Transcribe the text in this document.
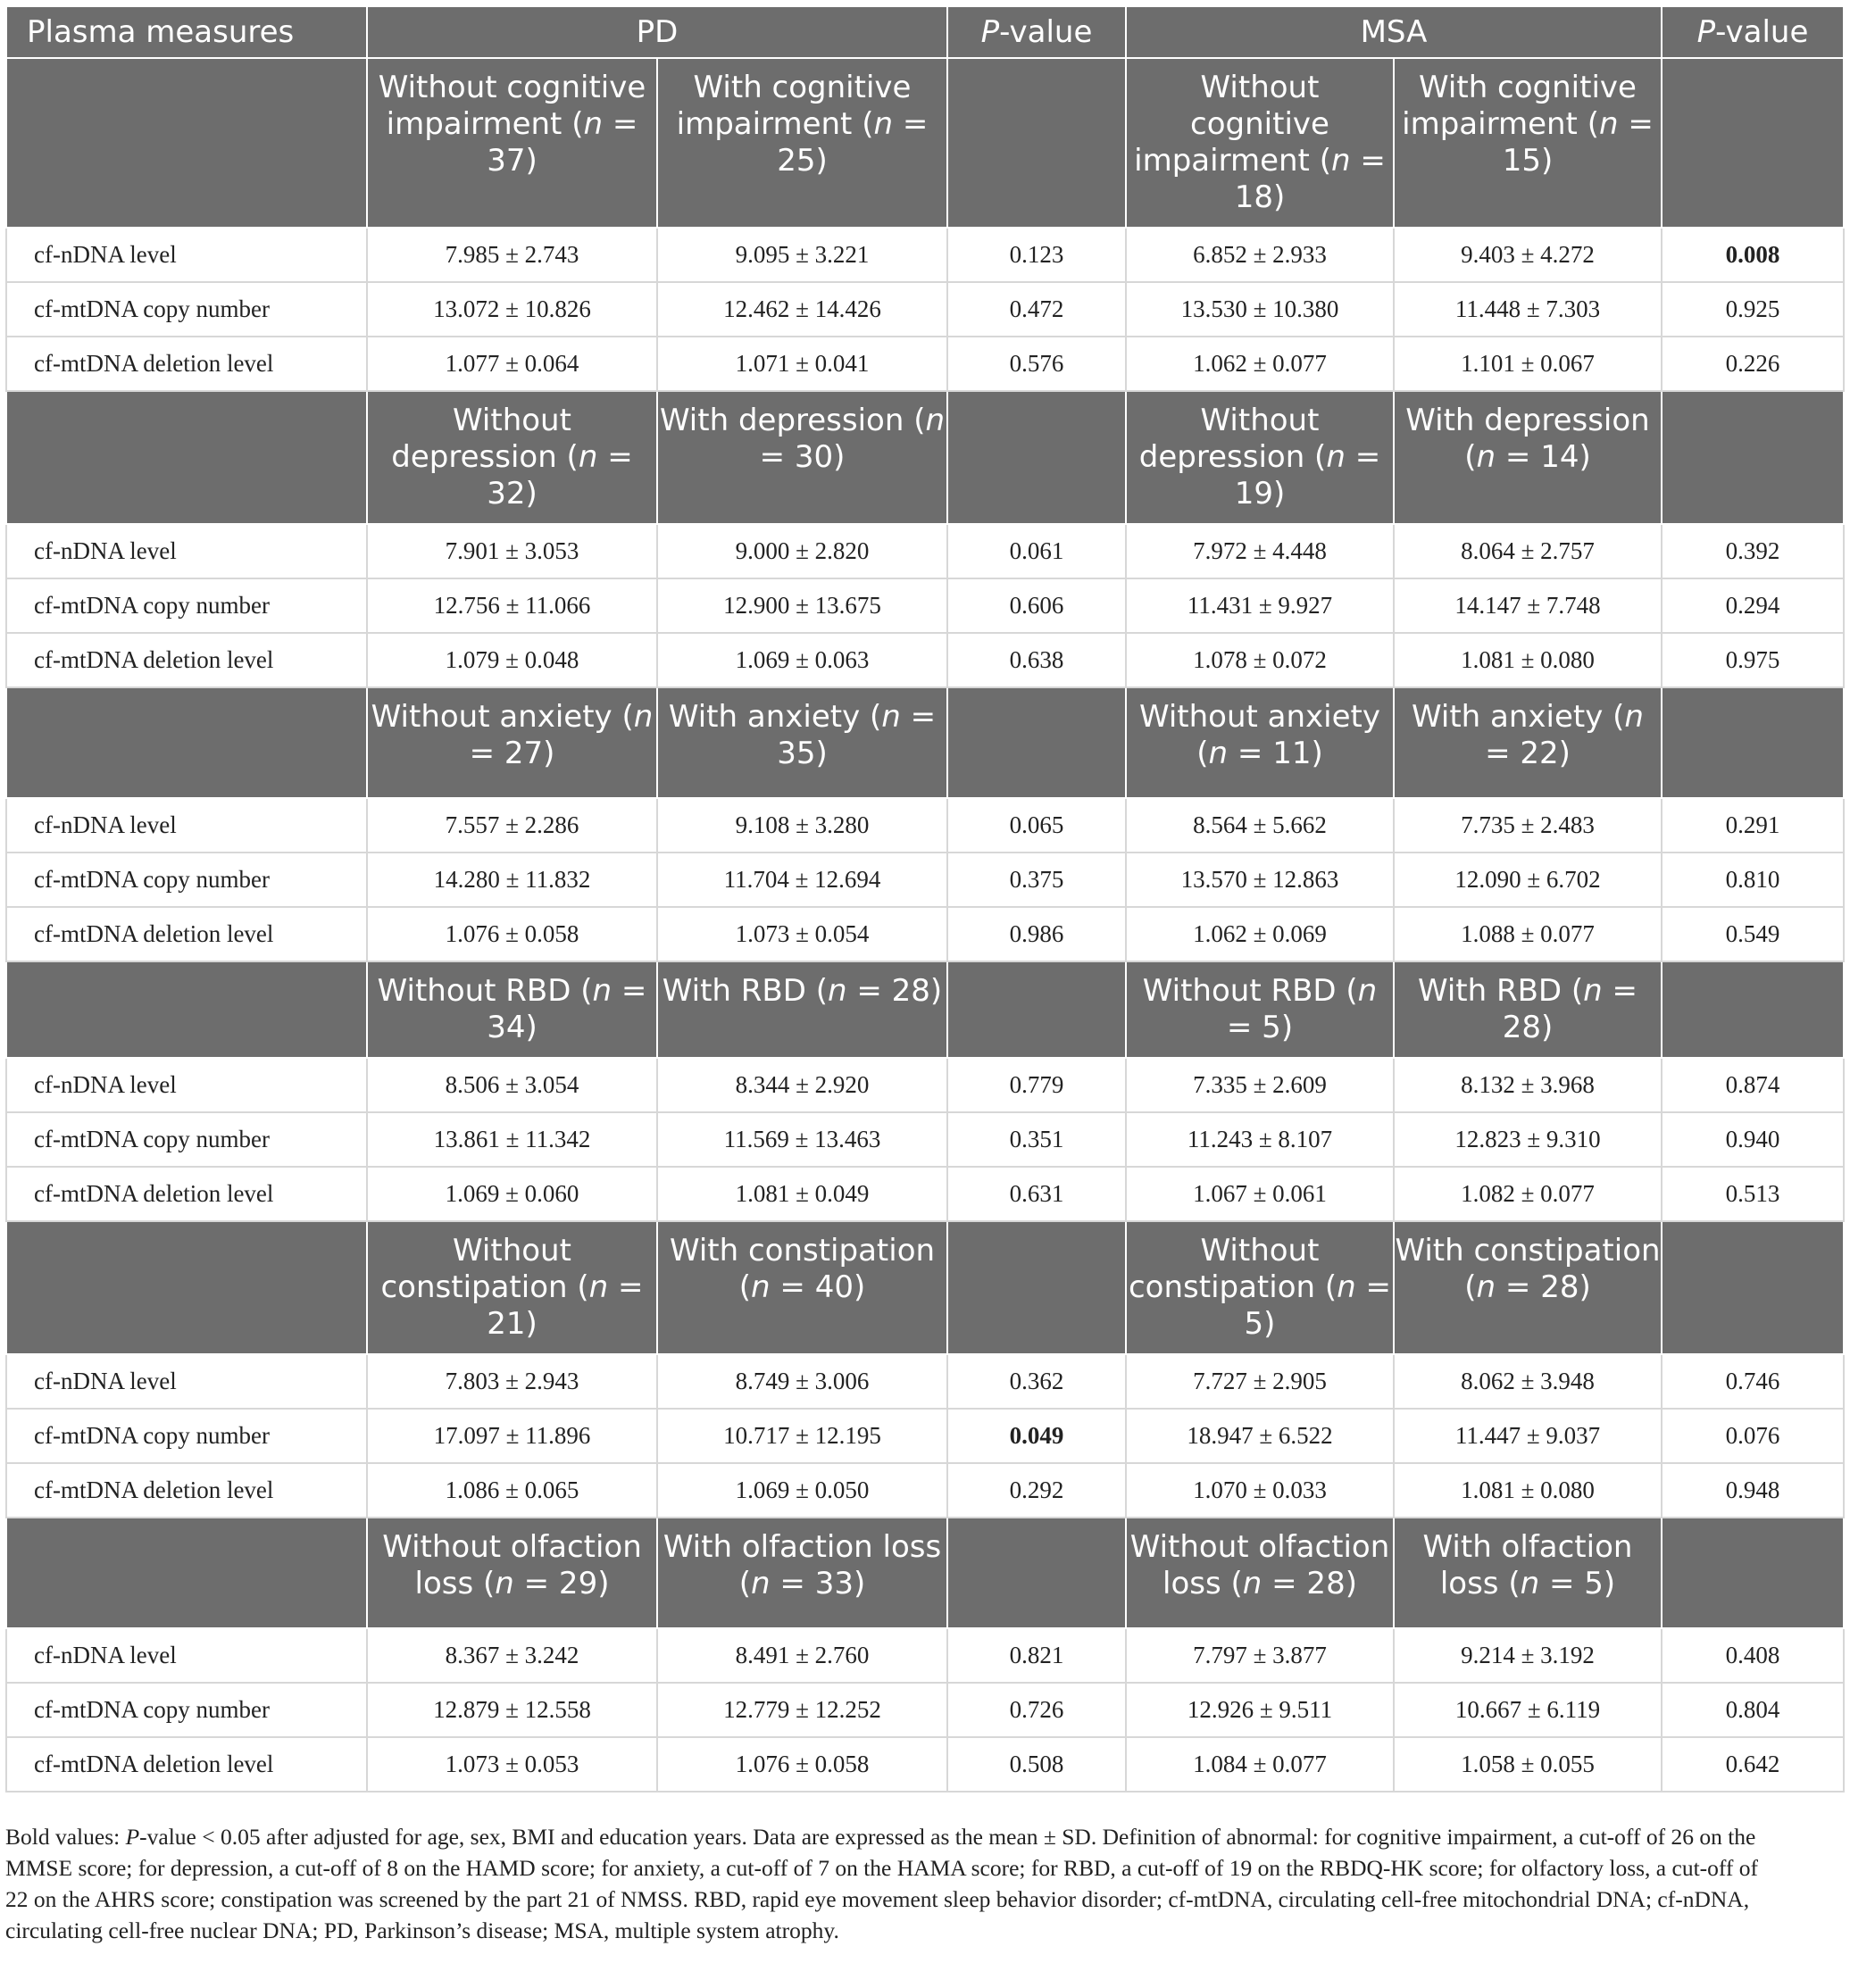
Plasma measures	PD		P-value	MSA		P-value
	Without cognitive impairment (n = 37)	With cognitive impairment (n = 25)		Without cognitive impairment (n = 18)	With cognitive impairment (n = 15)	
cf-nDNA level	7.985 ± 2.743	9.095 ± 3.221	0.123	6.852 ± 2.933	9.403 ± 4.272	0.008
cf-mtDNA copy number	13.072 ± 10.826	12.462 ± 14.426	0.472	13.530 ± 10.380	11.448 ± 7.303	0.925
cf-mtDNA deletion level	1.077 ± 0.064	1.071 ± 0.041	0.576	1.062 ± 0.077	1.101 ± 0.067	0.226
	Without depression (n = 32)	With depression (n = 30)		Without depression (n = 19)	With depression (n = 14)	
cf-nDNA level	7.901 ± 3.053	9.000 ± 2.820	0.061	7.972 ± 4.448	8.064 ± 2.757	0.392
cf-mtDNA copy number	12.756 ± 11.066	12.900 ± 13.675	0.606	11.431 ± 9.927	14.147 ± 7.748	0.294
cf-mtDNA deletion level	1.079 ± 0.048	1.069 ± 0.063	0.638	1.078 ± 0.072	1.081 ± 0.080	0.975
	Without anxiety (n = 27)	With anxiety (n = 35)		Without anxiety (n = 11)	With anxiety (n = 22)	
cf-nDNA level	7.557 ± 2.286	9.108 ± 3.280	0.065	8.564 ± 5.662	7.735 ± 2.483	0.291
cf-mtDNA copy number	14.280 ± 11.832	11.704 ± 12.694	0.375	13.570 ± 12.863	12.090 ± 6.702	0.810
cf-mtDNA deletion level	1.076 ± 0.058	1.073 ± 0.054	0.986	1.062 ± 0.069	1.088 ± 0.077	0.549
	Without RBD (n = 34)	With RBD (n = 28)		Without RBD (n = 5)	With RBD (n = 28)	
cf-nDNA level	8.506 ± 3.054	8.344 ± 2.920	0.779	7.335 ± 2.609	8.132 ± 3.968	0.874
cf-mtDNA copy number	13.861 ± 11.342	11.569 ± 13.463	0.351	11.243 ± 8.107	12.823 ± 9.310	0.940
cf-mtDNA deletion level	1.069 ± 0.060	1.081 ± 0.049	0.631	1.067 ± 0.061	1.082 ± 0.077	0.513
	Without constipation (n = 21)	With constipation (n = 40)		Without constipation (n = 5)	With constipation (n = 28)	
cf-nDNA level	7.803 ± 2.943	8.749 ± 3.006	0.362	7.727 ± 2.905	8.062 ± 3.948	0.746
cf-mtDNA copy number	17.097 ± 11.896	10.717 ± 12.195	0.049	18.947 ± 6.522	11.447 ± 9.037	0.076
cf-mtDNA deletion level	1.086 ± 0.065	1.069 ± 0.050	0.292	1.070 ± 0.033	1.081 ± 0.080	0.948
	Without olfaction loss (n = 29)	With olfaction loss (n = 33)		Without olfaction loss (n = 28)	With olfaction loss (n = 5)	
cf-nDNA level	8.367 ± 3.242	8.491 ± 2.760	0.821	7.797 ± 3.877	9.214 ± 3.192	0.408
cf-mtDNA copy number	12.879 ± 12.558	12.779 ± 12.252	0.726	12.926 ± 9.511	10.667 ± 6.119	0.804
cf-mtDNA deletion level	1.073 ± 0.053	1.076 ± 0.058	0.508	1.084 ± 0.077	1.058 ± 0.055	0.642
Bold values: P-value < 0.05 after adjusted for age, sex, BMI and education years. Data are expressed as the mean ± SD. Definition of abnormal: for cognitive impairment, a cut-off of 26 on the
MMSE score; for depression, a cut-off of 8 on the HAMD score; for anxiety, a cut-off of 7 on the HAMA score; for RBD, a cut-off of 19 on the RBDQ-HK score; for olfactory loss, a cut-off of
22 on the AHRS score; constipation was screened by the part 21 of NMSS. RBD, rapid eye movement sleep behavior disorder; cf-mtDNA, circulating cell-free mitochondrial DNA; cf-nDNA,
circulating cell-free nuclear DNA; PD, Parkinson’s disease; MSA, multiple system atrophy.
